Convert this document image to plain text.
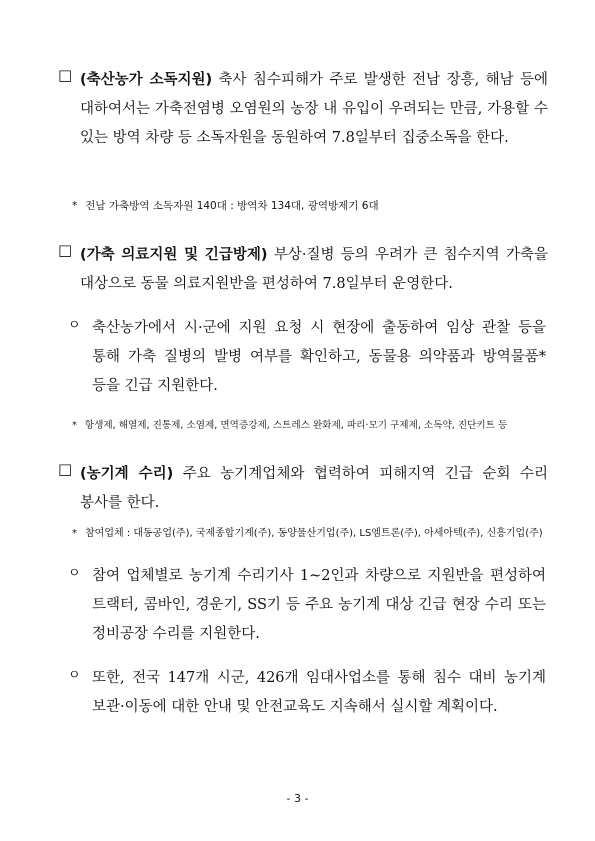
□ (축산농가 소독지원) 축사 침수피해가 주로 발생한 전남 장흥, 해남 등에 대하여서는 가축전염병 오염원의 농장 내 유입이 우려되는 만큼, 가용할 수 있는 방역 차량 등 소독자원을 동원하여 7.8일부터 집중소독을 한다.
* 전남 가축방역 소독자원 140대 : 방역차 134대, 광역방제기 6대
□ (가축 의료지원 및 긴급방제) 부상·질병 등의 우려가 큰 침수지역 가축을 대상으로 동물 의료지원반을 편성하여 7.8일부터 운영한다.
ㅇ 축산농가에서 시·군에 지원 요청 시 현장에 출동하여 임상 관찰 등을 통해 가축 질병의 발병 여부를 확인하고, 동물용 의약품과 방역물품* 등을 긴급 지원한다.
* 항생제, 해열제, 진통제, 소염제, 면역증강제, 스트레스 완화제, 파리·모기 구제제, 소독약, 진단키트 등
□ (농기계 수리) 주요 농기계업체와 협력하여 피해지역 긴급 순회 수리 봉사를 한다.
* 참여업체 : 대동공업(주), 국제종합기계(주), 동양물산기업(주), LS엠트론(주), 아세아텍(주), 신흥기업(주)
ㅇ 참여 업체별로 농기계 수리기사 1~2인과 차량으로 지원반을 편성하여 트랙터, 콤바인, 경운기, SS기 등 주요 농기계 대상 긴급 현장 수리 또는 정비공장 수리를 지원한다.
ㅇ 또한, 전국 147개 시군, 426개 임대사업소를 통해 침수 대비 농기계 보관·이동에 대한 안내 및 안전교육도 지속해서 실시할 계획이다.
- 3 -
